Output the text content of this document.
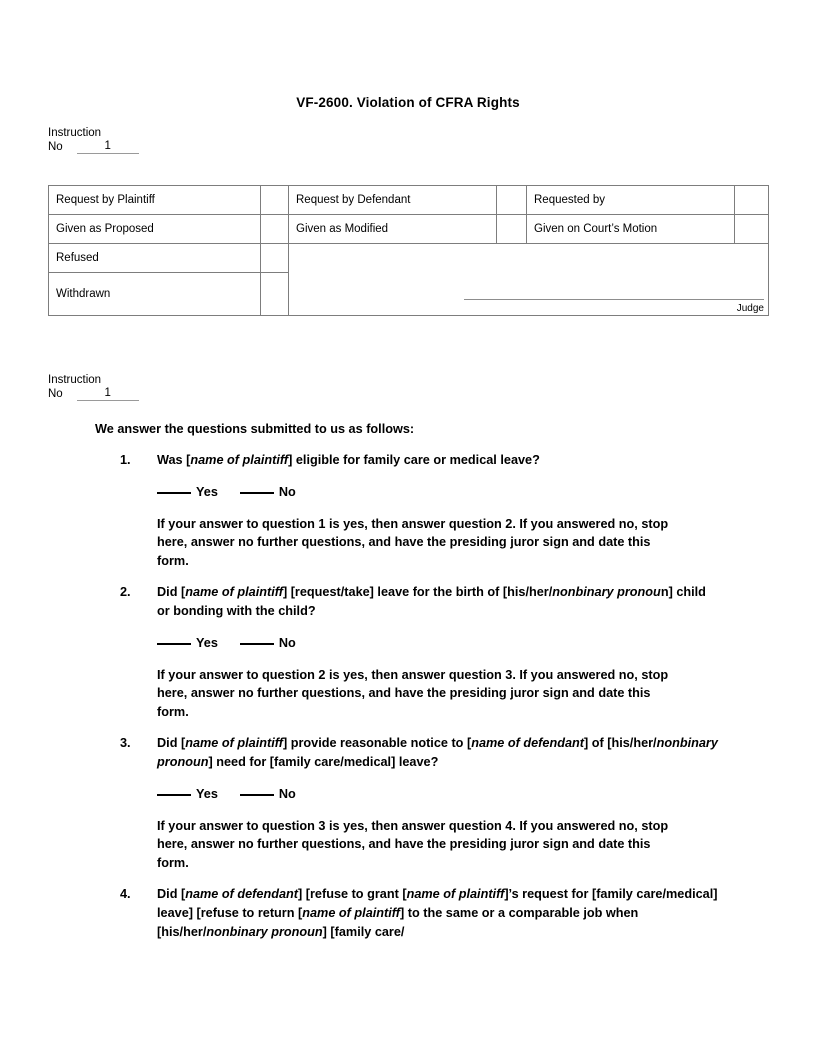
VF-2600. Violation of CFRA Rights
Instruction
No	1
Request by Plaintiff		Request by Defendant		Requested by	
Given as Proposed		Given as Modified		Given on Court’s Motion	
Refused		Judge			

Withdrawn					
Instruction
No	1
We answer the questions submitted to us as follows:
1.	Was [name of plaintiff] eligible for family care or medical leave?
Yes	No
If your answer to question 1 is yes, then answer question 2. If you answered no, stop here, answer no further questions, and have the presiding juror sign and date this form.
2.	Did [name of plaintiff] [request/take] leave for the birth of [his/her/nonbinary pronoun] child or bonding with the child?
Yes	No
If your answer to question 2 is yes, then answer question 3. If you answered no, stop here, answer no further questions, and have the presiding juror sign and date this form.
3.	Did [name of plaintiff] provide reasonable notice to [name of defendant] of [his/her/nonbinary pronoun] need for [family care/medical] leave?
Yes	No
If your answer to question 3 is yes, then answer question 4. If you answered no, stop here, answer no further questions, and have the presiding juror sign and date this form.
4.	Did [name of defendant] [refuse to grant [name of plaintiff]’s request for [family care/medical] leave] [refuse to return [name of plaintiff] to the same or a comparable job when [his/her/nonbinary pronoun] [family care/
